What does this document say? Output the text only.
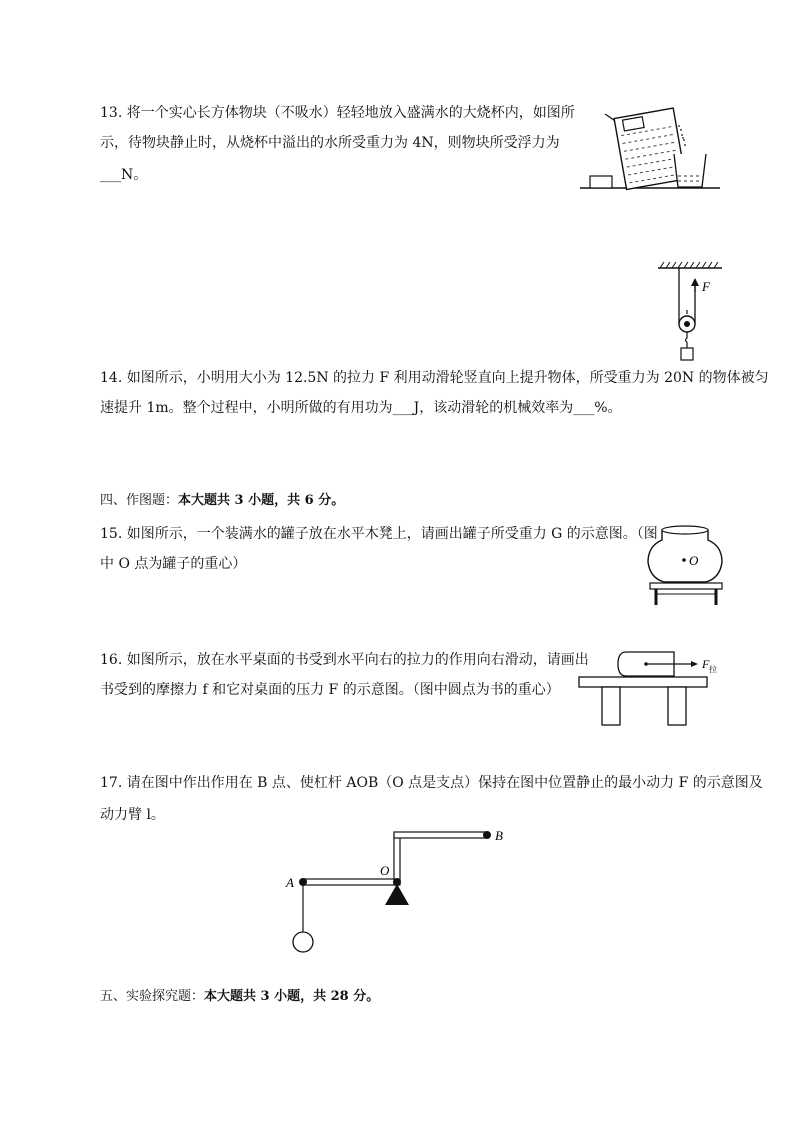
13. 将一个实心长方体物块（不吸水）轻轻地放入盛满水的大烧杯内，如图所
示，待物块静止时，从烧杯中溢出的水所受重力为 4N，则物块所受浮力为
___N。
F
14. 如图所示，小明用大小为 12.5N 的拉力 F 利用动滑轮竖直向上提升物体，所受重力为 20N 的物体被匀
速提升 1m。整个过程中，小明所做的有用功为___J，该动滑轮的机械效率为___%。
四、作图题：本大题共 3 小题，共 6 分。
15. 如图所示，一个装满水的罐子放在水平木凳上，请画出罐子所受重力 G 的示意图。（图
中 O 点为罐子的重心）	O
16. 如图所示，放在水平桌面的书受到水平向右的拉力的作用向右滑动，请画出
书受到的摩擦力 f 和它对桌面的压力 F 的示意图。（图中圆点为书的重心）
F 拉
17. 请在图中作出作用在 B 点、使杠杆 AOB（O 点是支点）保持在图中位置静止的最小动力 F 的示意图及
动力臂 l。
A
O
B
五、实验探究题：本大题共 3 小题，共 28 分。
